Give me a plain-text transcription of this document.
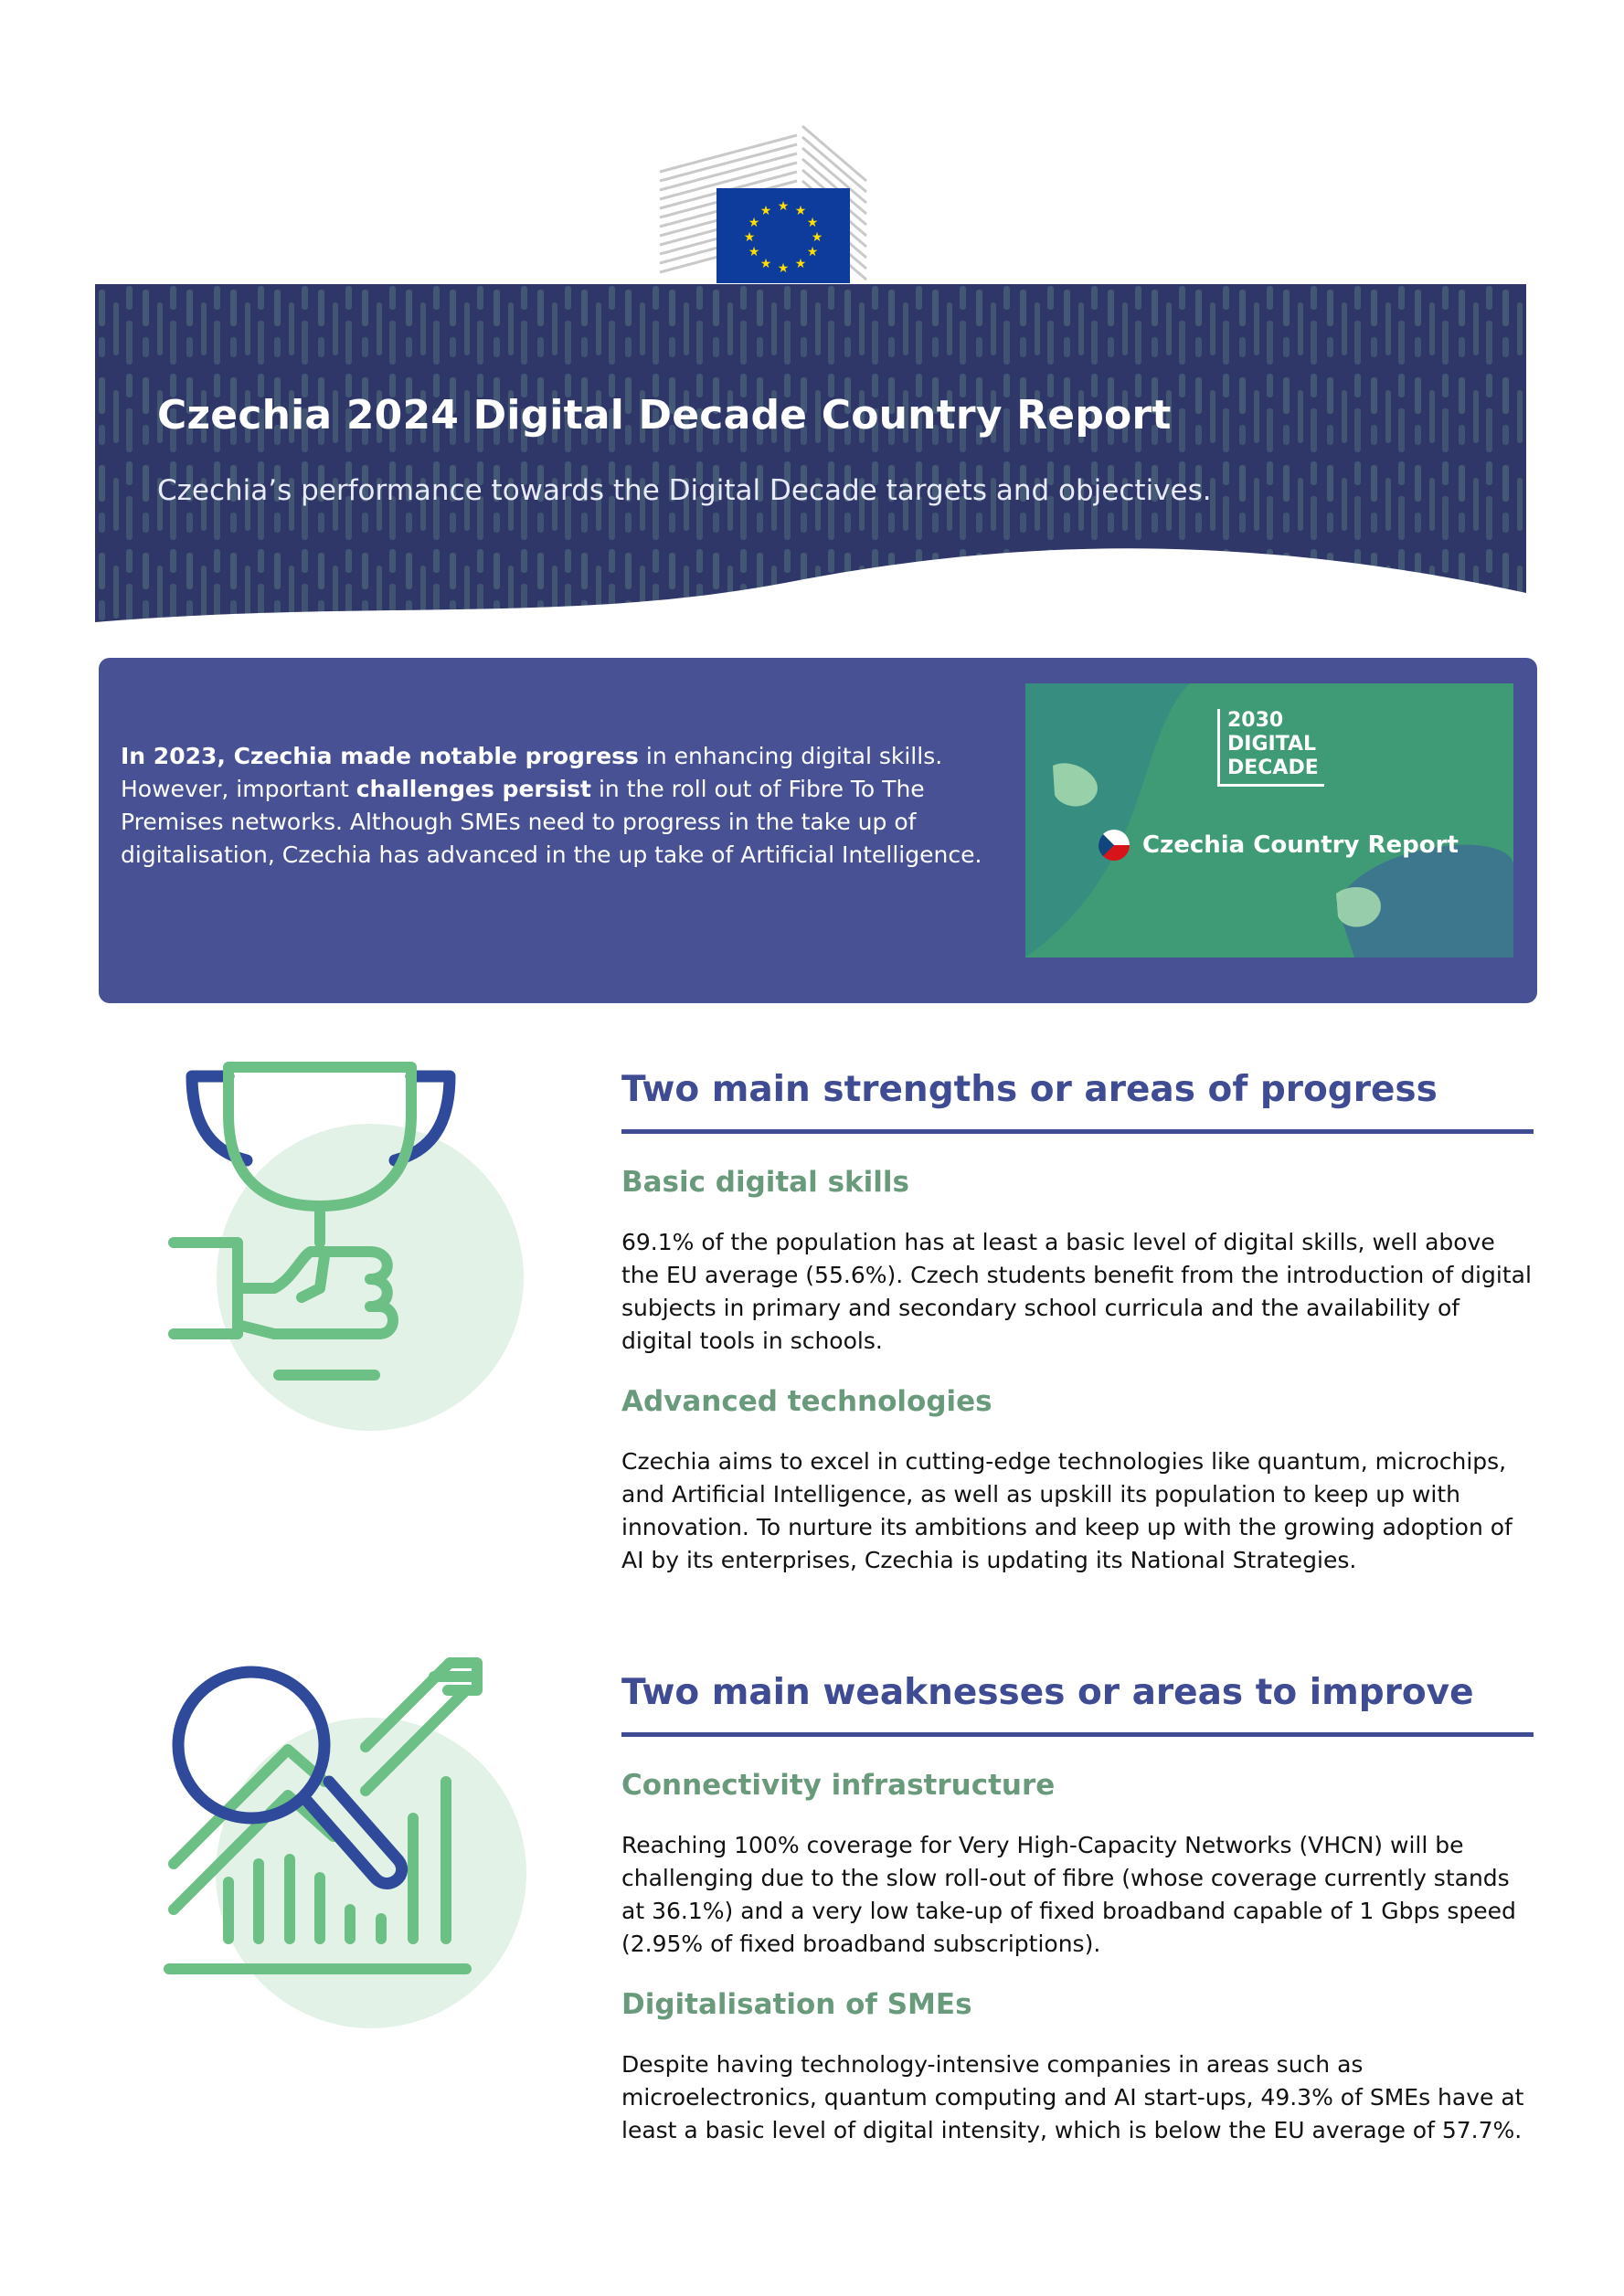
★ ★
★
★
★
★
★
★
★
★
★
★
Czechia 2024 Digital Decade Country Report
Czechia’s performance towards the Digital Decade targets and objectives.
In 2023, Czechia made notable progress in enhancing digital skills. However, important challenges persist in the roll out of Fibre To The Premises networks. Although SMEs need to progress in the take up of digitalisation, Czechia has advanced in the up take of Artificial Intelligence.
2030
DIGITAL
DECADE
Czechia Country Report
Two main strengths or areas of progress
Basic digital skills
69.1% of the population has at least a basic level of digital skills, well above the EU average (55.6%). Czech students benefit from the introduction of digital subjects in primary and secondary school curricula and the availability of digital tools in schools.
Advanced technologies
Czechia aims to excel in cutting-edge technologies like quantum, microchips, and Artificial Intelligence, as well as upskill its population to keep up with innovation. To nurture its ambitions and keep up with the growing adoption of AI by its enterprises, Czechia is updating its National Strategies.
Two main weaknesses or areas to improve
Connectivity infrastructure
Reaching 100% coverage for Very High-Capacity Networks (VHCN) will be challenging due to the slow roll-out of fibre (whose coverage currently stands at 36.1%) and a very low take-up of fixed broadband capable of 1 Gbps speed (2.95% of fixed broadband subscriptions).
Digitalisation of SMEs
Despite having technology-intensive companies in areas such as microelectronics, quantum computing and AI start-ups, 49.3% of SMEs have at least a basic level of digital intensity, which is below the EU average of 57.7%.
